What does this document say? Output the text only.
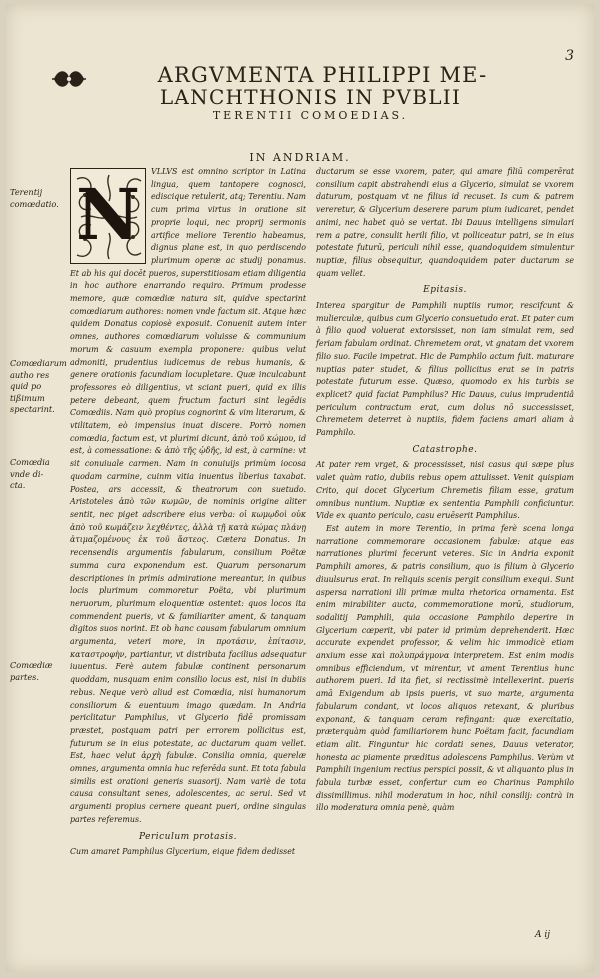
3
ARGVMENTA PHILIPPI ME-
LANCHTHONIS IN PVBLII
TERENTII COMOEDIAS.
IN ANDRIAM.
Terentij comœdatio.
Comœdiarum autho res quid po tißimum spectarint.
Comœdia vnde di-cta.
Comœdiæ partes.
N

VLLVS est omnino scriptor in Latina lingua, quem tantopere cognosci, ediscique retulerit, atq; Terentiu. Nam cum prima virtus in oratione sit proprie loqui, nec proprij sermonis artifice meliore Terentio habeamus, dignus plane est, in quo perdiscendo plurimum operæ ac studij ponamus. Et ab his qui docēt pueros, superstitiosam etiam diligentia in hoc authore enarrando requiro. Primum prodesse memore, quæ comœdiæ natura sit, quidve spectarint comœdiarum authores: nomen vnde factum sit. Atque hæc quidem Donatus copiosè exposuit. Conuenit autem inter omnes, authores comœdiarum voluisse & communium morum & casuum exempla proponere: quibus velut admoniti, prudentius iudicemus de rebus humanis, & genere orationis facundiam locupletare. Quæ inculcabunt professores eò diligentius, vt sciant pueri, quid ex illis petere debeant, quem fructum facturi sint legēdis Comœdiis. Nam quò propius cognorint & vim literarum, & vtilitatem, eò impensius inuat discere. Porrò nomen comœdia, factum est, vt plurimi dicunt, ἀπὸ τοῦ κώμου, id est, à comessatione: & ἀπὸ τῆς ᾠδῆς, id est, à carmine: vt sit conuiuale carmen. Nam in conuiuijs primùm iocosa quodam carmine, cuinm vitia inuentus liberius taxabat. Postea, ars accessit, & theatrorum con suetudo. Aristoteles ἀπὸ τῶν κωμῶν, de nominis origine aliter sentit, nec piget adscribere eius verba: οἱ κωμῳδοὶ οὐκ ἀπὸ τοῦ κωμάζειν λεχθέντες, ἀλλὰ τῇ κατὰ κώμας πλάνῃ ἀτιμαζομένους ἐκ τοῦ ἄστεος. Cætera Donatus. In recensendis argumentis fabularum, consilium Poëtæ summa cura exponendum est. Quarum personarum descriptiones in primis admiratione mereantur, in quibus locis plurimum commoretur Poëta, vbi plurimum neruorum, plurimum eloquentiæ ostentet: quos locos ita commendent pueris, vt & familiariter ament, & tanquam digitos suos norint. Et ob hanc causam fabularum omnium argumenta, veteri more, in προτάσιν, ἐπίτασιν, καταστροφὴν, partiantur, vt distributa facilius adsequatur iuuentus. Ferè autem fabulæ continent personarum quoddam, nusquam enim consilio locus est, nisi in dubiis rebus. Neque verò aliud est Comœdia, nisi humanorum consiliorum & euentuum imago quædam. In Andria periclitatur Pamphilus, vt Glycerio fidē promissam præstet, postquam patri per errorem pollicitus est, futurum se in eius potestate, ac ductarum quam vellet. Est, haec velut ἀρχὴ fabulæ. Consilia omnia, querelæ omnes, argumenta omnia huc referēda sunt. Et tota fabula similis est orationi generis suasorij. Nam variè de tota causa consultant senes, adolescentes, ac serui. Sed vt argumenti propius cernere queant pueri, ordine singulas partes referemus.

Periculum protasis.

Cum amaret Pamphilus Glycerium, eique fidem dedisset

ductarum se esse vxorem, pater, qui amare filiū comperērat consilium capit abstrahendi eius a Glycerio, simulat se vxorem daturum, postquam vt ne filius id recuset. Is cum & patrem vereretur, & Glycerium deserere parum pium iudicaret, pendet animi, nec habet quò se vertat. Ibi Dauus intelligens simulari rem a patre, consulit herili filio, vt polliceatur patri, se in eius potestate futurū, periculi nihil esse, quandoquidem simulentur nuptiæ, filius obsequitur, quandoquidem pater ductarum se quam vellet.

Epitasis.

Interea spargitur de Pamphili nuptiis rumor, rescifcunt & mulierculæ, quibus cum Glycerio consuetudo erat. Et pater cum à filio quod voluerat extorsisset, non iam simulat rem, sed feriam fabulam ordinat. Chremetem orat, vt gnatam det vxorem filio suo. Facile impetrat. Hic de Pamphilo actum fuit. maturare nuptias pater studet, & filius pollicitus erat se in patris potestate futurum esse. Quæso, quomodo ex his turbis se explicet? quid faciat Pamphilus? Hic Dauus, cuius imprudentiâ periculum contractum erat, cum dolus nō successisset, Chremetem deterret à nuptiis, fidem faciens amari aliam à Pamphilo.

Catastrophe.

At pater rem vrget, & processisset, nisi casus qui sæpe plus valet quàm ratio, dubiis rebus opem attulisset. Venit quispiam Crito, qui docet Glycerium Chremetis filiam esse, gratum omnibus nuntium. Nuptiæ ex sententia Pamphili conficiuntur. Vide ex quanto periculo, casu eruēserit Pamphilus.

Est autem in more Terentio, in prima ferè scena longa narratione commemorare occasionem fabulæ: atque eas narrationes plurimi fecerunt veteres. Sic in Andria exponit Pamphili amores, & patris consilium, quo is filium à Glycerio diuulsurus erat. In reliquis scenis pergit consilium exequi. Sunt aspersa narrationi illi primæ multa rhetorica ornamenta. Est enim mirabiliter aucta, commemoratione morū, studiorum, sodalitij Pamphili, quia occasione Pamphilo deperire in Glycerium cœperit, vbi pater id primùm deprehenderit. Hæc accurate expendet professor, & velim hic immodicè etiam anxium esse καὶ πολυπράγμονα interpretem. Est enim modis omnibus efficiendum, vt mirentur, vt ament Terentius hunc authorem pueri. Id ita fiet, si rectissimè intellexerint. pueris amā Exigendum ab ipsis pueris, vt suo marte, argumenta fabularum condant, vt locos aliquos retexant, & pluribus exponant, & tanquam ceram refingant: quæ exercitatio, præterquàm quòd familiariorem hunc Poëtam facit, facundiam etiam alit. Finguntur hic cordati senes, Dauus veterator, honesta ac piamente præditus adolescens Pamphilus. Verùm vt Pamphili ingenium rectius perspici possit, & vt aliquanto plus in fabula turbæ esset, confertur cum eo Charinus Pamphilo dissimillimus. nihil moderatum in hoc, nihil consilij: contrà in illo moderatura omnia penè, quàm

A ij
